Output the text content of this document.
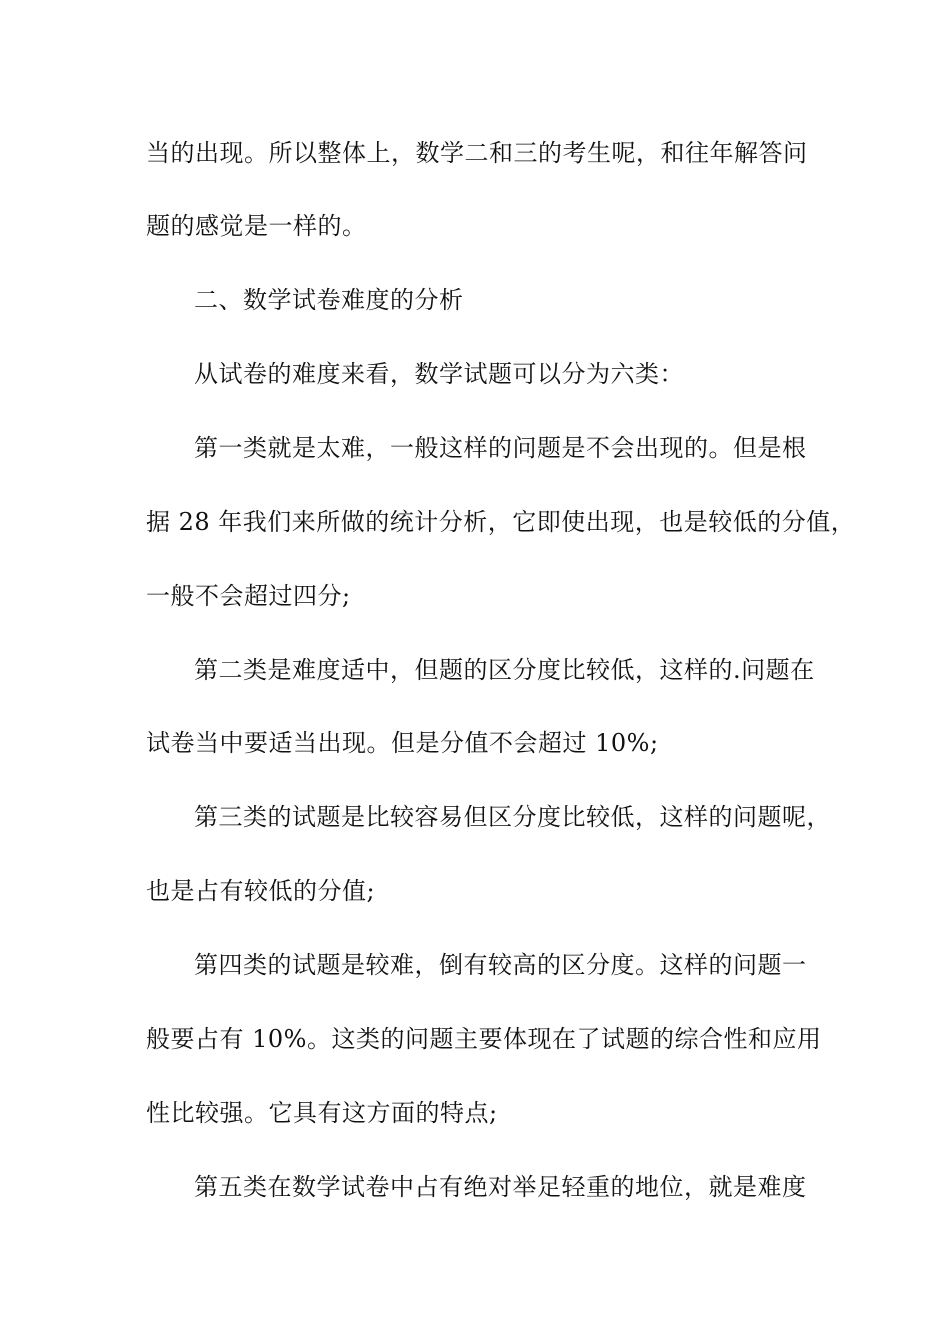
当的出现。所以整体上，数学二和三的考生呢，和往年解答问
题的感觉是一样的。
二、数学试卷难度的分析
从试卷的难度来看，数学试题可以分为六类：
第一类就是太难，一般这样的问题是不会出现的。但是根
据 28 年我们来所做的统计分析，它即使出现，也是较低的分值，
一般不会超过四分;
第二类是难度适中，但题的区分度比较低，这样的.问题在
试卷当中要适当出现。但是分值不会超过 10%;
第三类的试题是比较容易但区分度比较低，这样的问题呢，
也是占有较低的分值;
第四类的试题是较难，倒有较高的区分度。这样的问题一
般要占有 10%。这类的问题主要体现在了试题的综合性和应用
性比较强。它具有这方面的特点;
第五类在数学试卷中占有绝对举足轻重的地位，就是难度
